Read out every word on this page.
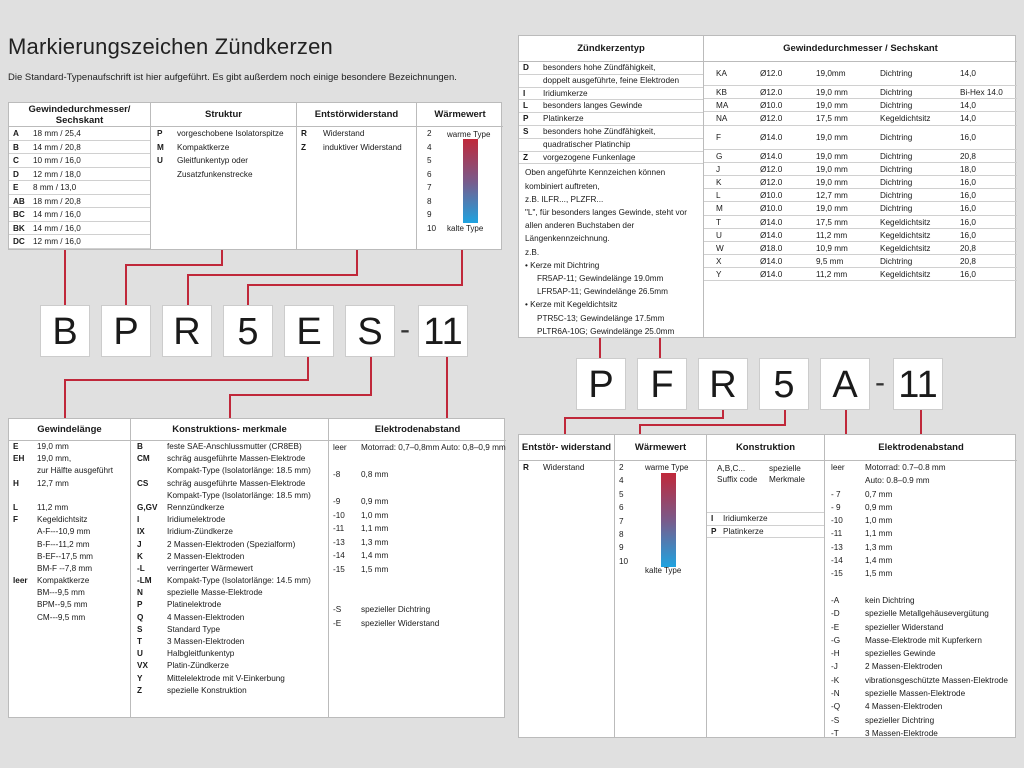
Markierungszeichen Zündkerzen
Die Standard-Typenaufschrift ist hier aufgeführt. Es gibt außerdem noch einige besondere Bezeichnungen.
Gewindedurchmesser/ Sechskant
A 18 mm / 25,4
B 14 mm / 20,8
C 10 mm / 16,0
D 12 mm / 18,0
E 8 mm / 13,0
AB 18 mm / 20,8
BC 14 mm / 16,0
BK 14 mm / 16,0
DC 12 mm / 16,0
Struktur
P vorgeschobene Isolatorspitze
M Kompaktkerze
U Gleitfunkentyp oder
Zusatzfunkenstrecke
Entstörwiderstand
R Widerstand
Z induktiver Widerstand
Wärmewert
2
4
5
6
7
8
9
10
warme Type
kalte Type
B P R 5 E S - 11
Gewindelänge
E 19,0 mm
EH 19,0 mm,
zur Hälfte ausgeführt
H 12,7 mm
L 11,2 mm
F Kegeldichtsitz
A-F---10,9 mm
B-F---11,2 mm
B-EF--17,5 mm
BM-F --7,8 mm
leer Kompaktkerze
BM---9,5 mm
BPM--9,5 mm
CM---9,5 mm
Konstruktions- merkmale
B	feste SAE-Anschlussmutter (CR8EB)
CM schräg ausgeführte Massen-Elektrode
Kompakt-Type (Isolatorlänge: 18.5 mm)
CS schräg ausgeführte Massen-Elektrode
Kompakt-Type (Isolatorlänge: 18.5 mm)
G,GV Rennzündkerze
I	Iridiumelektrode
IX	Iridium-Zündkerze
J	2 Massen-Elektroden (Spezialform)
K	2 Massen-Elektroden
-L	verringerter Wärmewert
-LM Kompakt-Type (Isolatorlänge: 14.5 mm)
N	spezielle Masse-Elektrode
P	Platinelektrode
Q	4 Massen-Elektroden
S	Standard Type
T	3 Massen-Elektroden
U	Halbgleitfunkentyp
VX Platin-Zündkerze
Y	Mittelelektrode mit V-Einkerbung
Z	spezielle Konstruktion
Elektrodenabstand
leer Motorrad: 0,7–0,8mm Auto: 0,8–0,9 mm
-8	0,8 mm
-9	0,9 mm
-10 1,0 mm
-11 1,1 mm
-13 1,3 mm
-14 1,4 mm
-15 1,5 mm
-S spezieller Dichtring
-E spezieller Widerstand
Zündkerzentyp
D besonders hohe Zündfähigkeit,
doppelt ausgeführte, feine Elektroden
I Iridiumkerze
L besonders langes Gewinde
P Platinkerze
S besonders hohe Zündfähigkeit,
quadratischer Platinchip
Z vorgezogene Funkenlage
Oben angeführte Kennzeichen können
kombiniert auftreten,
z.B. ILFR..., PLZFR...
"L", für besonders langes Gewinde, steht vor
allen anderen Buchstaben der
Längenkennzeichnung.
z.B.
• Kerze mit Dichtring
FR5AP-11; Gewindelänge 19.0mm
LFR5AP-11; Gewindelänge 26.5mm
• Kerze mit Kegeldichtsitz
PTR5C-13; Gewindelänge 17.5mm
PLTR6A-10G; Gewindelänge 25.0mm
Gewindedurchmesser / Sechskant
KA	Ø12.0	19,0mm	Dichtring	14,0
KB	Ø12.0	19,0 mm	Dichtring	Bi-Hex 14.0
MA	Ø10.0	19,0 mm	Dichtring	14,0
NA	Ø12.0	17,5 mm	Kegeldichtsitz	14,0
F	Ø14.0	19,0 mm	Dichtring	16,0
G	Ø14.0	19,0 mm	Dichtring	20,8
J	Ø12.0	19,0 mm	Dichtring	18,0
K	Ø12.0	19,0 mm	Dichtring	16,0
L	Ø10.0	12,7 mm	Dichtring	16,0
M	Ø10.0	19,0 mm	Dichtring	16,0
T	Ø14.0	17,5 mm	Kegeldichtsitz	16,0
U	Ø14.0	11,2 mm	Kegeldichtsitz	16,0
W	Ø18.0	10,9 mm	Kegeldichtsitz	20,8
X	Ø14.0	9,5 mm	Dichtring	20,8
Y	Ø14.0	11,2 mm	Kegeldichtsitz	16,0
P F R 5 A - 11
Entstör- widerstand
R Widerstand
Wärmewert
2
4
5
6
7
8
9
10
warme Type
kalte Type
Konstruktion
A,B,C...
Suffix code
spezielle
Merkmale
I Iridiumkerze
P Platinkerze
Elektrodenabstand
leer Motorrad: 0.7–0.8 mm
Auto: 0.8–0.9 mm
- 7	0,7 mm
- 9	0,9 mm
-10	1,0 mm
-11	1,1 mm
-13	1,3 mm
-14	1,4 mm
-15	1,5 mm
-A	kein Dichtring
-D	spezielle Metallgehäusevergütung
-E	spezieller Widerstand
-G	Masse-Elektrode mit Kupferkern
-H	spezielles Gewinde
-J	2 Massen-Elektroden
-K	vibrationsgeschützte Massen-Elektrode
-N	spezielle Massen-Elektrode
-Q	4 Massen-Elektroden
-S	spezieller Dichtring
-T	3 Massen-Elektrode
